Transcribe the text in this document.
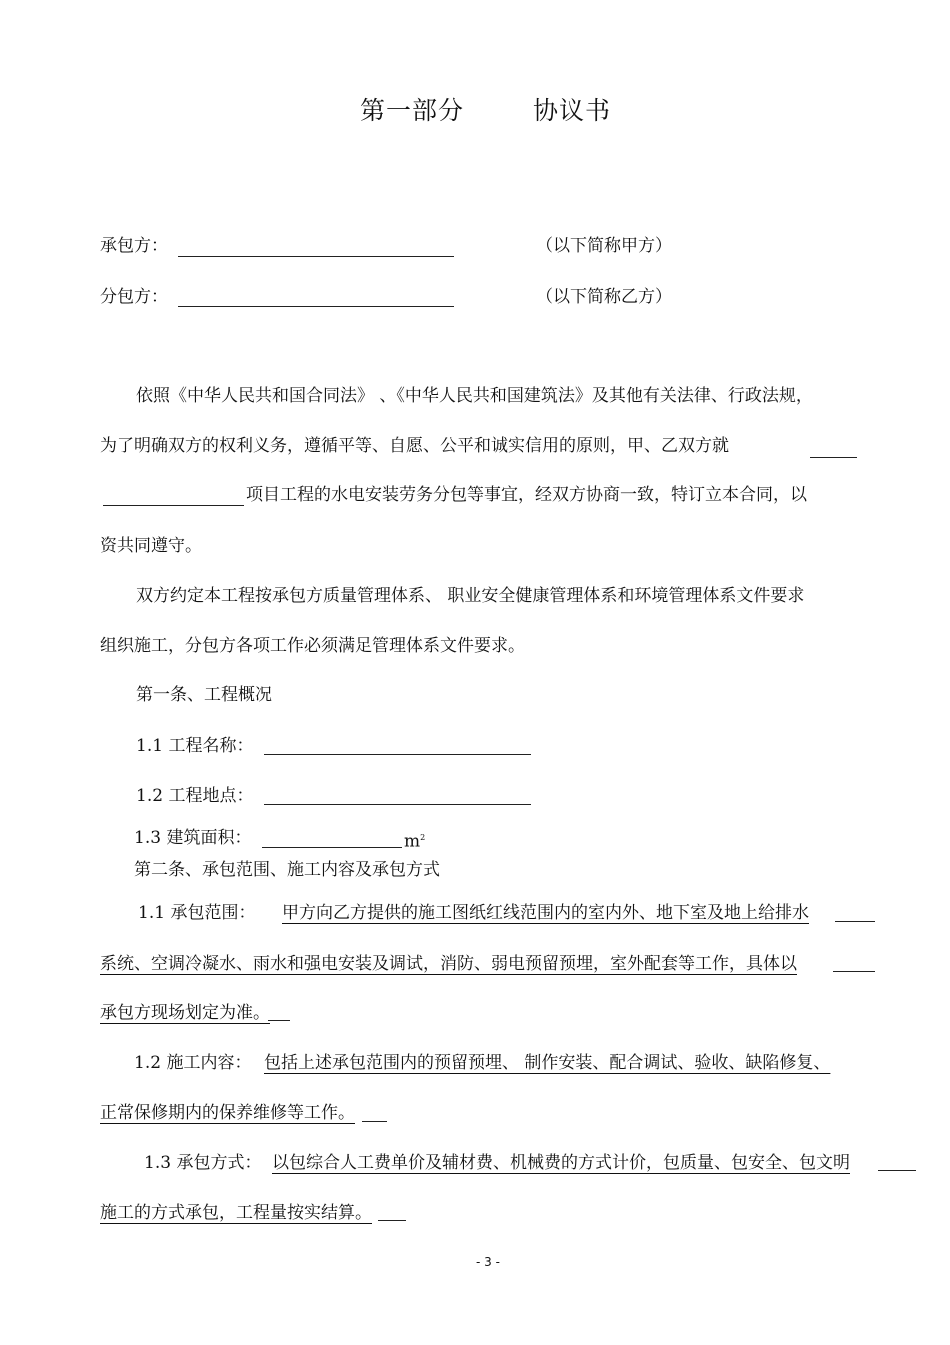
第一部分	协议书
承包方：	（以下简称甲方）
分包方：	（以下简称乙方）
依照《中华人民共和国合同法》 、《中华人民共和国建筑法》及其他有关法律、行政法规，
为了明确双方的权利义务，遵循平等、自愿、公平和诚实信用的原则，甲、乙双方就
项目工程的水电安装劳务分包等事宜，经双方协商一致，特订立本合同，以
资共同遵守。
双方约定本工程按承包方质量管理体系、 职业安全健康管理体系和环境管理体系文件要求
组织施工，分包方各项工作必须满足管理体系文件要求。
第一条、工程概况
1.1 工程名称：
1.2 工程地点：
1.3 建筑面积：	$m^2$
第二条、承包范围、施工内容及承包方式
1.1 承包范围： 甲方向乙方提供的施工图纸红线范围内的室内外、地下室及地上给排水
系统、空调冷凝水、雨水和强电安装及调试，消防、弱电预留预埋，室外配套等工作，具体以
承包方现场划定为准。
1.2 施工内容： 包括上述承包范围内的预留预埋、 制作安装、配合调试、验收、缺陷修复、
正常保修期内的保养维修等工作。
1.3 承包方式： 以包综合人工费单价及辅材费、机械费的方式计价，包质量、包安全、包文明
施工的方式承包，工程量按实结算。
- 3 -
